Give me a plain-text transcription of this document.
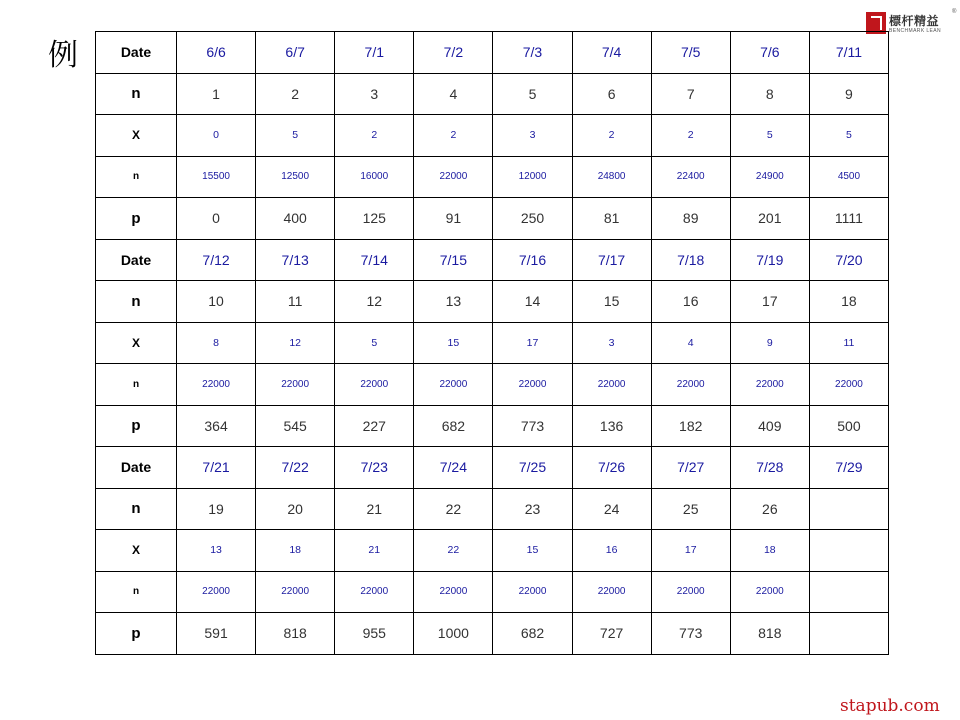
例
標杆精益
®
BENCHMARK LEAN
Date	6/6	6/7	7/1	7/2	7/3	7/4	7/5	7/6	7/11
n	1	2	3	4	5	6	7	8	9
X	0	5	2	2	3	2	2	5	5
n	15500	12500	16000	22000	12000	24800	22400	24900	4500
p	0	400	125	91	250	81	89	201	1111
Date	7/12	7/13	7/14	7/15	7/16	7/17	7/18	7/19	7/20
n	10	11	12	13	14	15	16	17	18
X	8	12	5	15	17	3	4	9	11
n	22000	22000	22000	22000	22000	22000	22000	22000	22000
p	364	545	227	682	773	136	182	409	500
Date	7/21	7/22	7/23	7/24	7/25	7/26	7/27	7/28	7/29
n	19	20	21	22	23	24	25	26	
X	13	18	21	22	15	16	17	18	
n	22000	22000	22000	22000	22000	22000	22000	22000	
p	591	818	955	1000	682	727	773	818	
stapub.com
